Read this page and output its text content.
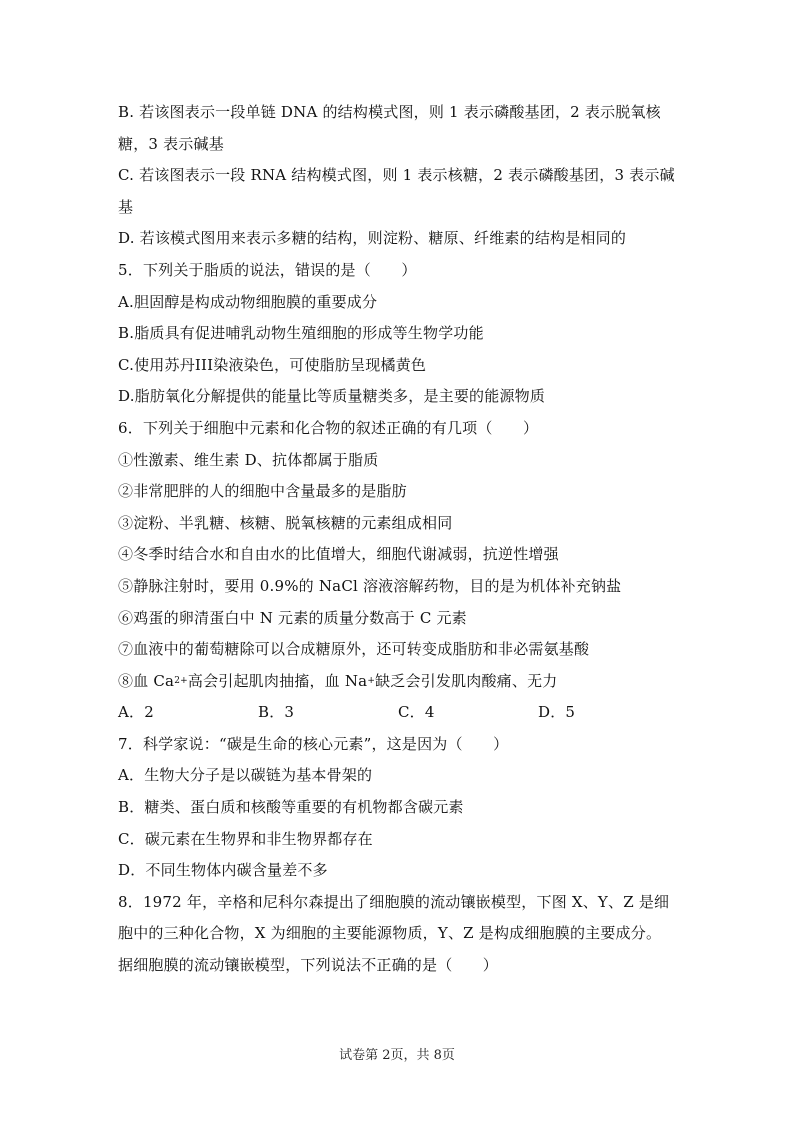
B. 若该图表示一段单链 DNA 的结构模式图，则 1 表示磷酸基团，2 表示脱氧核
糖，3 表示碱基
C. 若该图表示一段 RNA 结构模式图，则 1 表示核糖，2 表示磷酸基团，3 表示碱
基
D. 若该模式图用来表示多糖的结构，则淀粉、糖原、纤维素的结构是相同的
5．下列关于脂质的说法，错误的是（　　）
A.胆固醇是构成动物细胞膜的重要成分
B.脂质具有促进哺乳动物生殖细胞的形成等生物学功能
C.使用苏丹III染液染色，可使脂肪呈现橘黄色
D.脂肪氧化分解提供的能量比等质量糖类多，是主要的能源物质
6．下列关于细胞中元素和化合物的叙述正确的有几项（　　）
①性激素、维生素 D、抗体都属于脂质
②非常肥胖的人的细胞中含量最多的是脂肪
③淀粉、半乳糖、核糖、脱氧核糖的元素组成相同
④冬季时结合水和自由水的比值增大，细胞代谢减弱，抗逆性增强
⑤静脉注射时，要用 0.9%的 NaCl 溶液溶解药物，目的是为机体补充钠盐
⑥鸡蛋的卵清蛋白中 N 元素的质量分数高于 C 元素
⑦血液中的葡萄糖除可以合成糖原外，还可转变成脂肪和非必需氨基酸
⑧血 $Ca^{2+}$高会引起肌肉抽搐，血 Na+缺乏会引发肌肉酸痛、无力
A．2	B．3	C．4	D．5
7．科学家说：“碳是生命的核心元素”，这是因为（　　）
A．生物大分子是以碳链为基本骨架的
B．糖类、蛋白质和核酸等重要的有机物都含碳元素
C．碳元素在生物界和非生物界都存在
D．不同生物体内碳含量差不多
8．1972 年，辛格和尼科尔森提出了细胞膜的流动镶嵌模型，下图 X、Y、Z 是细
胞中的三种化合物，X 为细胞的主要能源物质，Y、Z 是构成细胞膜的主要成分。
据细胞膜的流动镶嵌模型，下列说法不正确的是（　　）
试卷第 2页，共 8页
